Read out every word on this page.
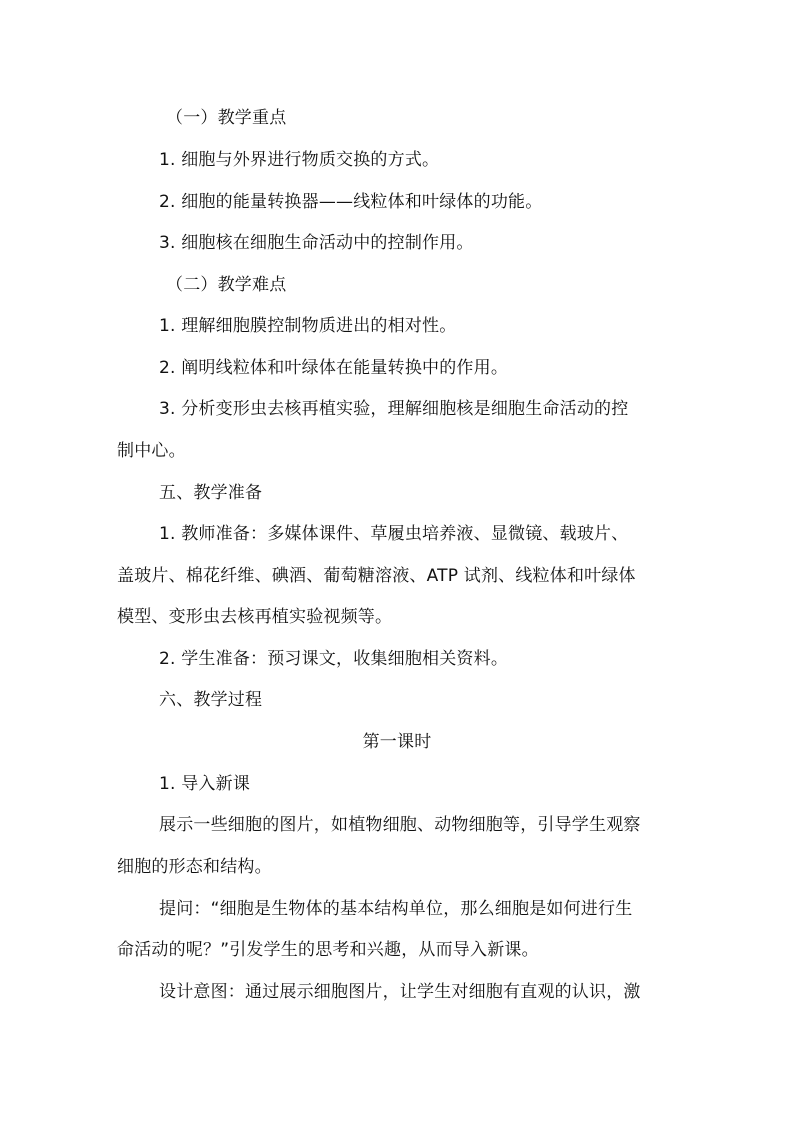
（一）教学重点
1. 细胞与外界进行物质交换的方式。
2. 细胞的能量转换器——线粒体和叶绿体的功能。
3. 细胞核在细胞生命活动中的控制作用。
（二）教学难点
1. 理解细胞膜控制物质进出的相对性。
2. 阐明线粒体和叶绿体在能量转换中的作用。
3. 分析变形虫去核再植实验，理解细胞核是细胞生命活动的控
制中心。
五、教学准备
1. 教师准备：多媒体课件、草履虫培养液、显微镜、载玻片、
盖玻片、棉花纤维、碘酒、葡萄糖溶液、ATP 试剂、线粒体和叶绿体
模型、变形虫去核再植实验视频等。
2. 学生准备：预习课文，收集细胞相关资料。
六、教学过程
第一课时
1. 导入新课
展示一些细胞的图片，如植物细胞、动物细胞等，引导学生观察
细胞的形态和结构。
提问：“细胞是生物体的基本结构单位，那么细胞是如何进行生
命活动的呢？”引发学生的思考和兴趣，从而导入新课。
设计意图：通过展示细胞图片，让学生对细胞有直观的认识，激
